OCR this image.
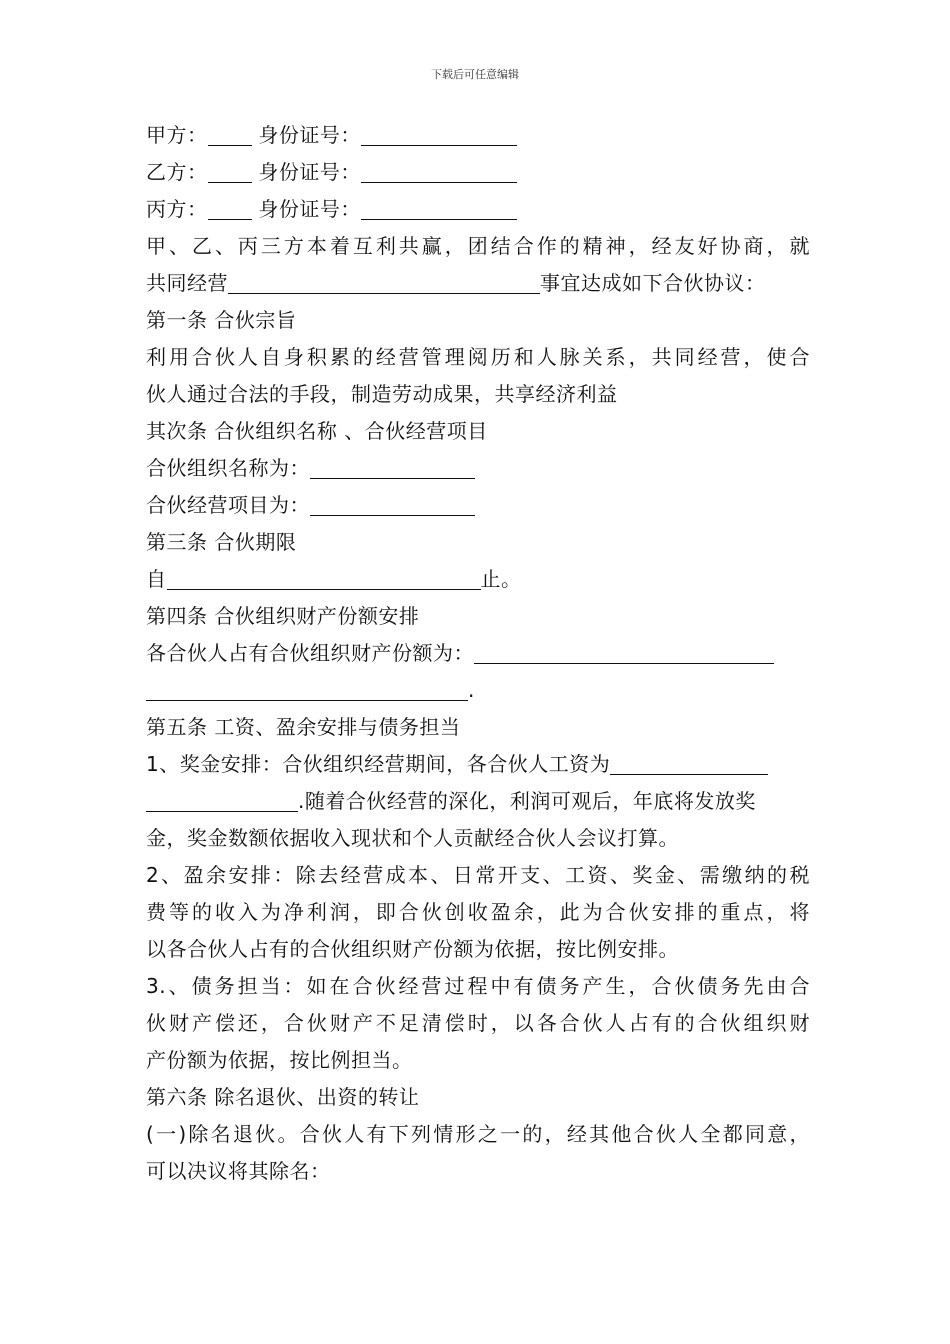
下载后可任意编辑
甲方：	身份证号：
乙方：	身份证号：
丙方：	身份证号：
甲、乙、丙三方本着互利共赢，团结合作的精神，经友好协商，就
共同经营	事宜达成如下合伙协议：
第一条 合伙宗旨
利用合伙人自身积累的经营管理阅历和人脉关系，共同经营，使合
伙人通过合法的手段，制造劳动成果，共享经济利益
其次条 合伙组织名称 、合伙经营项目
合伙组织名称为：
合伙经营项目为：
第三条 合伙期限
自	止。
第四条 合伙组织财产份额安排
各合伙人占有合伙组织财产份额为：
.
第五条 工资、盈余安排与债务担当
1、奖金安排：合伙组织经营期间，各合伙人工资为
.随着合伙经营的深化，利润可观后，年底将发放奖
金，奖金数额依据收入现状和个人贡献经合伙人会议打算。
2、盈余安排：除去经营成本、日常开支、工资、奖金、需缴纳的税
费等的收入为净利润，即合伙创收盈余，此为合伙安排的重点，将
以各合伙人占有的合伙组织财产份额为依据，按比例安排。
3.、债务担当：如在合伙经营过程中有债务产生，合伙债务先由合
伙财产偿还，合伙财产不足清偿时，以各合伙人占有的合伙组织财
产份额为依据，按比例担当。
第六条 除名退伙、出资的转让
(一)除名退伙。合伙人有下列情形之一的，经其他合伙人全都同意，
可以决议将其除名：
